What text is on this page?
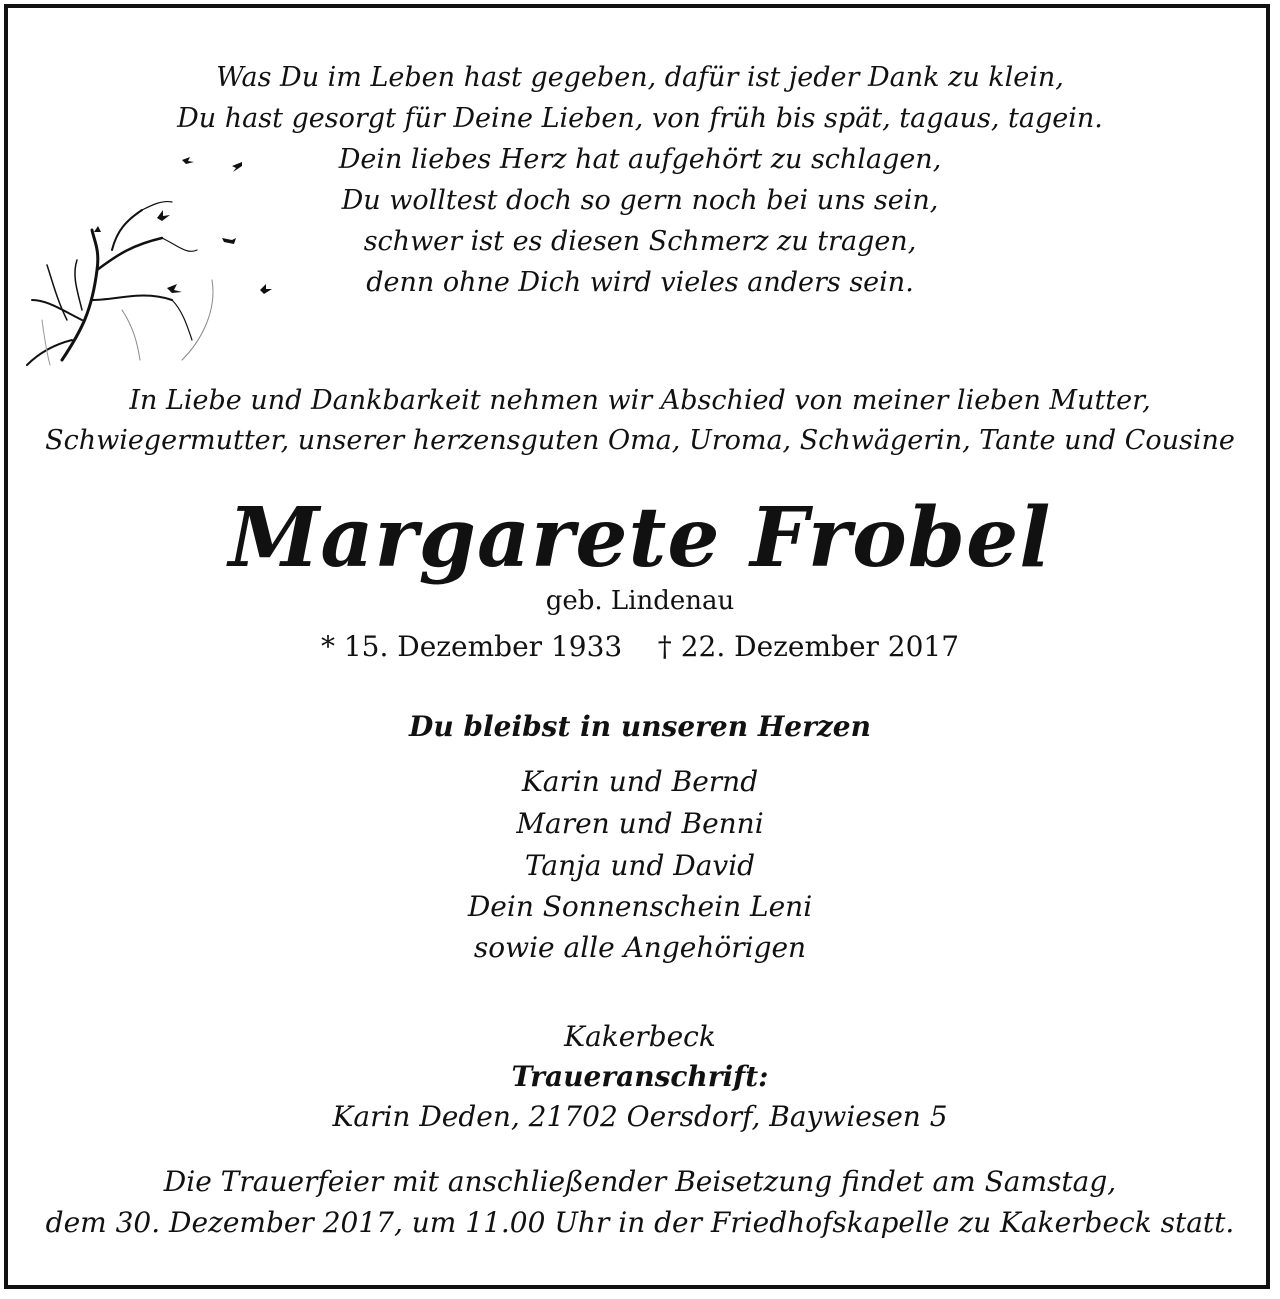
Was Du im Leben hast gegeben, dafür ist jeder Dank zu klein,
Du hast gesorgt für Deine Lieben, von früh bis spät, tagaus, tagein.
Dein liebes Herz hat aufgehört zu schlagen,
Du wolltest doch so gern noch bei uns sein,
schwer ist es diesen Schmerz zu tragen,
denn ohne Dich wird vieles anders sein.
In Liebe und Dankbarkeit nehmen wir Abschied von meiner lieben Mutter,
Schwiegermutter, unserer herzensguten Oma, Uroma, Schwägerin, Tante und Cousine
Margarete Frobel
geb. Lindenau
* 15. Dezember 1933    † 22. Dezember 2017
Du bleibst in unseren Herzen
Karin und Bernd
Maren und Benni
Tanja und David
Dein Sonnenschein Leni
sowie alle Angehörigen
Kakerbeck
Traueranschrift:
Karin Deden, 21702 Oersdorf, Baywiesen 5
Die Trauerfeier mit anschließender Beisetzung findet am Samstag,
dem 30. Dezember 2017, um 11.00 Uhr in der Friedhofskapelle zu Kakerbeck statt.
